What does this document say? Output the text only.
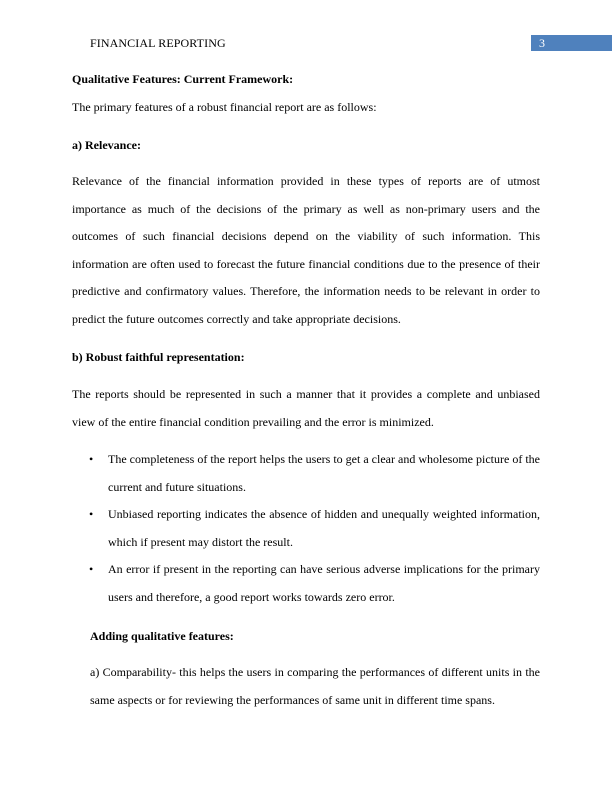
FINANCIAL REPORTING	3
Qualitative Features: Current Framework:
The primary features of a robust financial report are as follows:
a) Relevance:
Relevance of the financial information provided in these types of reports are of utmost importance as much of the decisions of the primary as well as non-primary users and the outcomes of such financial decisions depend on the viability of such information. This information are often used to forecast the future financial conditions due to the presence of their predictive and confirmatory values. Therefore, the information needs to be relevant in order to predict the future outcomes correctly and take appropriate decisions.
b) Robust faithful representation:
The reports should be represented in such a manner that it provides a complete and unbiased view of the entire financial condition prevailing and the error is minimized.
• The completeness of the report helps the users to get a clear and wholesome picture of the current and future situations.
• Unbiased reporting indicates the absence of hidden and unequally weighted information, which if present may distort the result.
• An error if present in the reporting can have serious adverse implications for the primary users and therefore, a good report works towards zero error.
Adding qualitative features:
a) Comparability- this helps the users in comparing the performances of different units in the same aspects or for reviewing the performances of same unit in different time spans.
